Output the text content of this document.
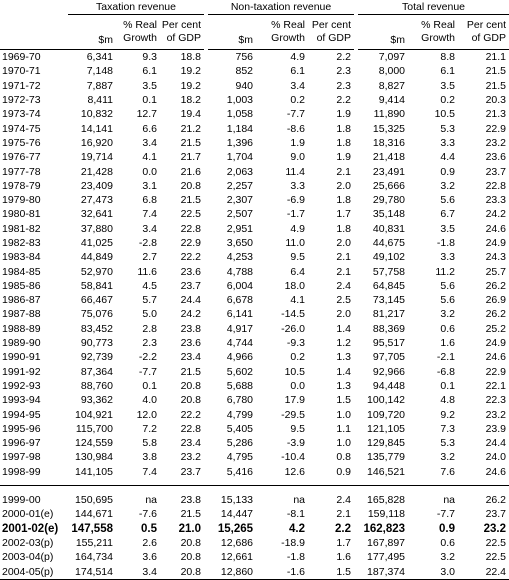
	Taxation revenue				Non-taxation revenue				Total revenue		
	$m	% Real Growth	Per cent of GDP		$m	% Real Growth	Per cent of GDP		$m	% Real Growth	Per cent of GDP
1969-70	6,341	9.3	18.8		756	4.9	2.2		7,097	8.8	21.1
1970-71	7,148	6.1	19.2		852	6.1	2.3		8,000	6.1	21.5
1971-72	7,887	3.5	19.2		940	3.4	2.3		8,827	3.5	21.5
1972-73	8,411	0.1	18.2		1,003	0.2	2.2		9,414	0.2	20.3
1973-74	10,832	12.7	19.4		1,058	-7.7	1.9		11,890	10.5	21.3
1974-75	14,141	6.6	21.2		1,184	-8.6	1.8		15,325	5.3	22.9
1975-76	16,920	3.4	21.5		1,396	1.9	1.8		18,316	3.3	23.2
1976-77	19,714	4.1	21.7		1,704	9.0	1.9		21,418	4.4	23.6
1977-78	21,428	0.0	21.6		2,063	11.4	2.1		23,491	0.9	23.7
1978-79	23,409	3.1	20.8		2,257	3.3	2.0		25,666	3.2	22.8
1979-80	27,473	6.8	21.5		2,307	-6.9	1.8		29,780	5.6	23.3
1980-81	32,641	7.4	22.5		2,507	-1.7	1.7		35,148	6.7	24.2
1981-82	37,880	3.4	22.8		2,951	4.9	1.8		40,831	3.5	24.6
1982-83	41,025	-2.8	22.9		3,650	11.0	2.0		44,675	-1.8	24.9
1983-84	44,849	2.7	22.2		4,253	9.5	2.1		49,102	3.3	24.3
1984-85	52,970	11.6	23.6		4,788	6.4	2.1		57,758	11.2	25.7
1985-86	58,841	4.5	23.7		6,004	18.0	2.4		64,845	5.6	26.2
1986-87	66,467	5.7	24.4		6,678	4.1	2.5		73,145	5.6	26.9
1987-88	75,076	5.0	24.2		6,141	-14.5	2.0		81,217	3.2	26.2
1988-89	83,452	2.8	23.8		4,917	-26.0	1.4		88,369	0.6	25.2
1989-90	90,773	2.3	23.6		4,744	-9.3	1.2		95,517	1.6	24.9
1990-91	92,739	-2.2	23.4		4,966	0.2	1.3		97,705	-2.1	24.6
1991-92	87,364	-7.7	21.5		5,602	10.5	1.4		92,966	-6.8	22.9
1992-93	88,760	0.1	20.8		5,688	0.0	1.3		94,448	0.1	22.1
1993-94	93,362	4.0	20.8		6,780	17.9	1.5		100,142	4.8	22.3
1994-95	104,921	12.0	22.2		4,799	-29.5	1.0		109,720	9.2	23.2
1995-96	115,700	7.2	22.8		5,405	9.5	1.1		121,105	7.3	23.9
1996-97	124,559	5.8	23.4		5,286	-3.9	1.0		129,845	5.3	24.4
1997-98	130,984	3.8	23.2		4,795	-10.4	0.8		135,779	3.2	24.0
1998-99	141,105	7.4	23.7		5,416	12.6	0.9		146,521	7.6	24.6

1999-00	150,695	na	23.8		15,133	na	2.4		165,828	na	26.2
2000-01(e)	144,671	-7.6	21.5		14,447	-8.1	2.1		159,118	-7.7	23.7
2001-02(e)	147,558	0.5	21.0		15,265	4.2	2.2		162,823	0.9	23.2
2002-03(p)	155,211	2.6	20.8		12,686	-18.9	1.7		167,897	0.6	22.5
2003-04(p)	164,734	3.6	20.8		12,661	-1.8	1.6		177,495	3.2	22.5
2004-05(p)	174,514	3.4	20.8		12,860	-1.6	1.5		187,374	3.0	22.4
